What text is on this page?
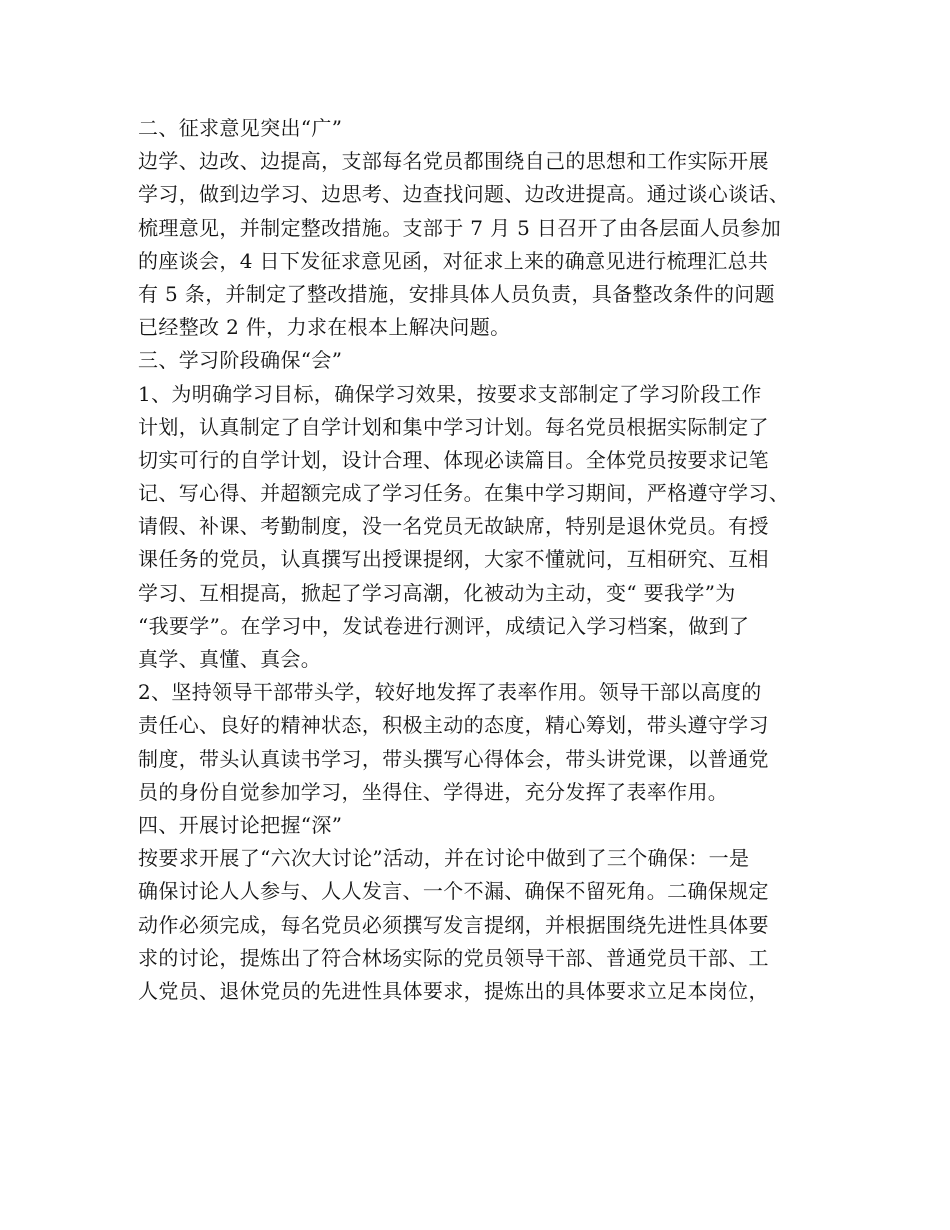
二、征求意见突出“广”
边学、边改、边提高，支部每名党员都围绕自己的思想和工作实际开展
学习，做到边学习、边思考、边查找问题、边改进提高。通过谈心谈话、
梳理意见，并制定整改措施。支部于 7 月 5 日召开了由各层面人员参加
的座谈会，4 日下发征求意见函，对征求上来的确意见进行梳理汇总共
有 5 条，并制定了整改措施，安排具体人员负责，具备整改条件的问题
已经整改 2 件，力求在根本上解决问题。
三、学习阶段确保“会”
1、为明确学习目标，确保学习效果，按要求支部制定了学习阶段工作
计划，认真制定了自学计划和集中学习计划。每名党员根据实际制定了
切实可行的自学计划，设计合理、体现必读篇目。全体党员按要求记笔
记、写心得、并超额完成了学习任务。在集中学习期间，严格遵守学习、
请假、补课、考勤制度，没一名党员无故缺席，特别是退休党员。有授
课任务的党员，认真撰写出授课提纲，大家不懂就问，互相研究、互相
学习、互相提高，掀起了学习高潮，化被动为主动，变“ 要我学”为
“我要学”。在学习中，发试卷进行测评，成绩记入学习档案，做到了
真学、真懂、真会。
2、坚持领导干部带头学，较好地发挥了表率作用。领导干部以高度的
责任心、良好的精神状态，积极主动的态度，精心筹划，带头遵守学习
制度，带头认真读书学习，带头撰写心得体会，带头讲党课，以普通党
员的身份自觉参加学习，坐得住、学得进，充分发挥了表率作用。
四、开展讨论把握“深”
按要求开展了“六次大讨论”活动，并在讨论中做到了三个确保：一是
确保讨论人人参与、人人发言、一个不漏、确保不留死角。二确保规定
动作必须完成，每名党员必须撰写发言提纲，并根据围绕先进性具体要
求的讨论，提炼出了符合林场实际的党员领导干部、普通党员干部、工
人党员、退休党员的先进性具体要求，提炼出的具体要求立足本岗位，
